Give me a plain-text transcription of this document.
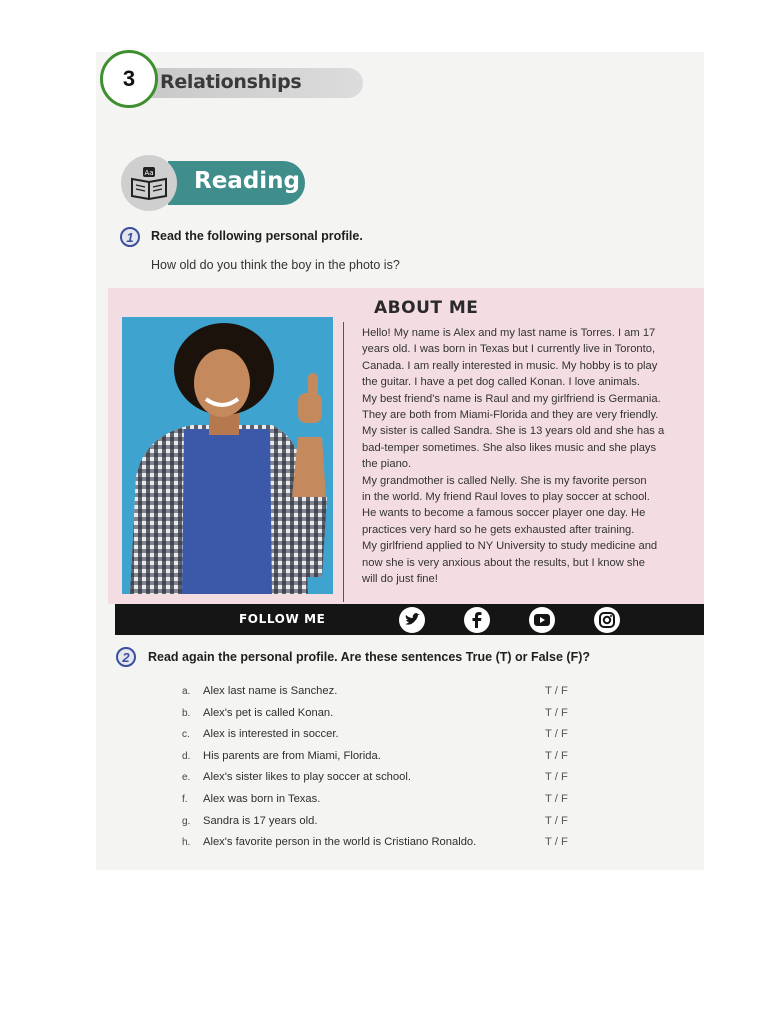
3 Relationships
Aa Reading
1 Read the following personal profile.
How old do you think the boy in the photo is?
ABOUT ME

Hello! My name is Alex and my last name is Torres. I am 17

years old. I was born in Texas but I currently live in Toronto,

Canada. I am really interested in music. My hobby is to play

the guitar. I have a pet dog called Konan. I love animals.

My best friend's name is Raul and my girlfriend is Germania.

They are both from Miami-Florida and they are very friendly.

My sister is called Sandra. She is 13 years old and she has a

bad-temper sometimes. She also likes music and she plays

the piano.

My grandmother is called Nelly. She is my favorite person

in the world. My friend Raul loves to play soccer at school.

He wants to become a famous soccer player one day. He

practices very hard so he gets exhausted after training.

My girlfriend applied to NY University to study medicine and

now she is very anxious about the results, but I know she

will do just fine!

FOLLOW ME
2 Read again the personal profile. Are these sentences True (T) or False (F)?
a. Alex last name is Sanchez.	T / F
b. Alex's pet is called Konan.	T / F
c. Alex is interested in soccer.	T / F
d. His parents are from Miami, Florida.	T / F
e. Alex's sister likes to play soccer at school.	T / F
f. Alex was born in Texas.	T / F
g. Sandra is 17 years old.	T / F
h. Alex's favorite person in the world is Cristiano Ronaldo.	T / F
